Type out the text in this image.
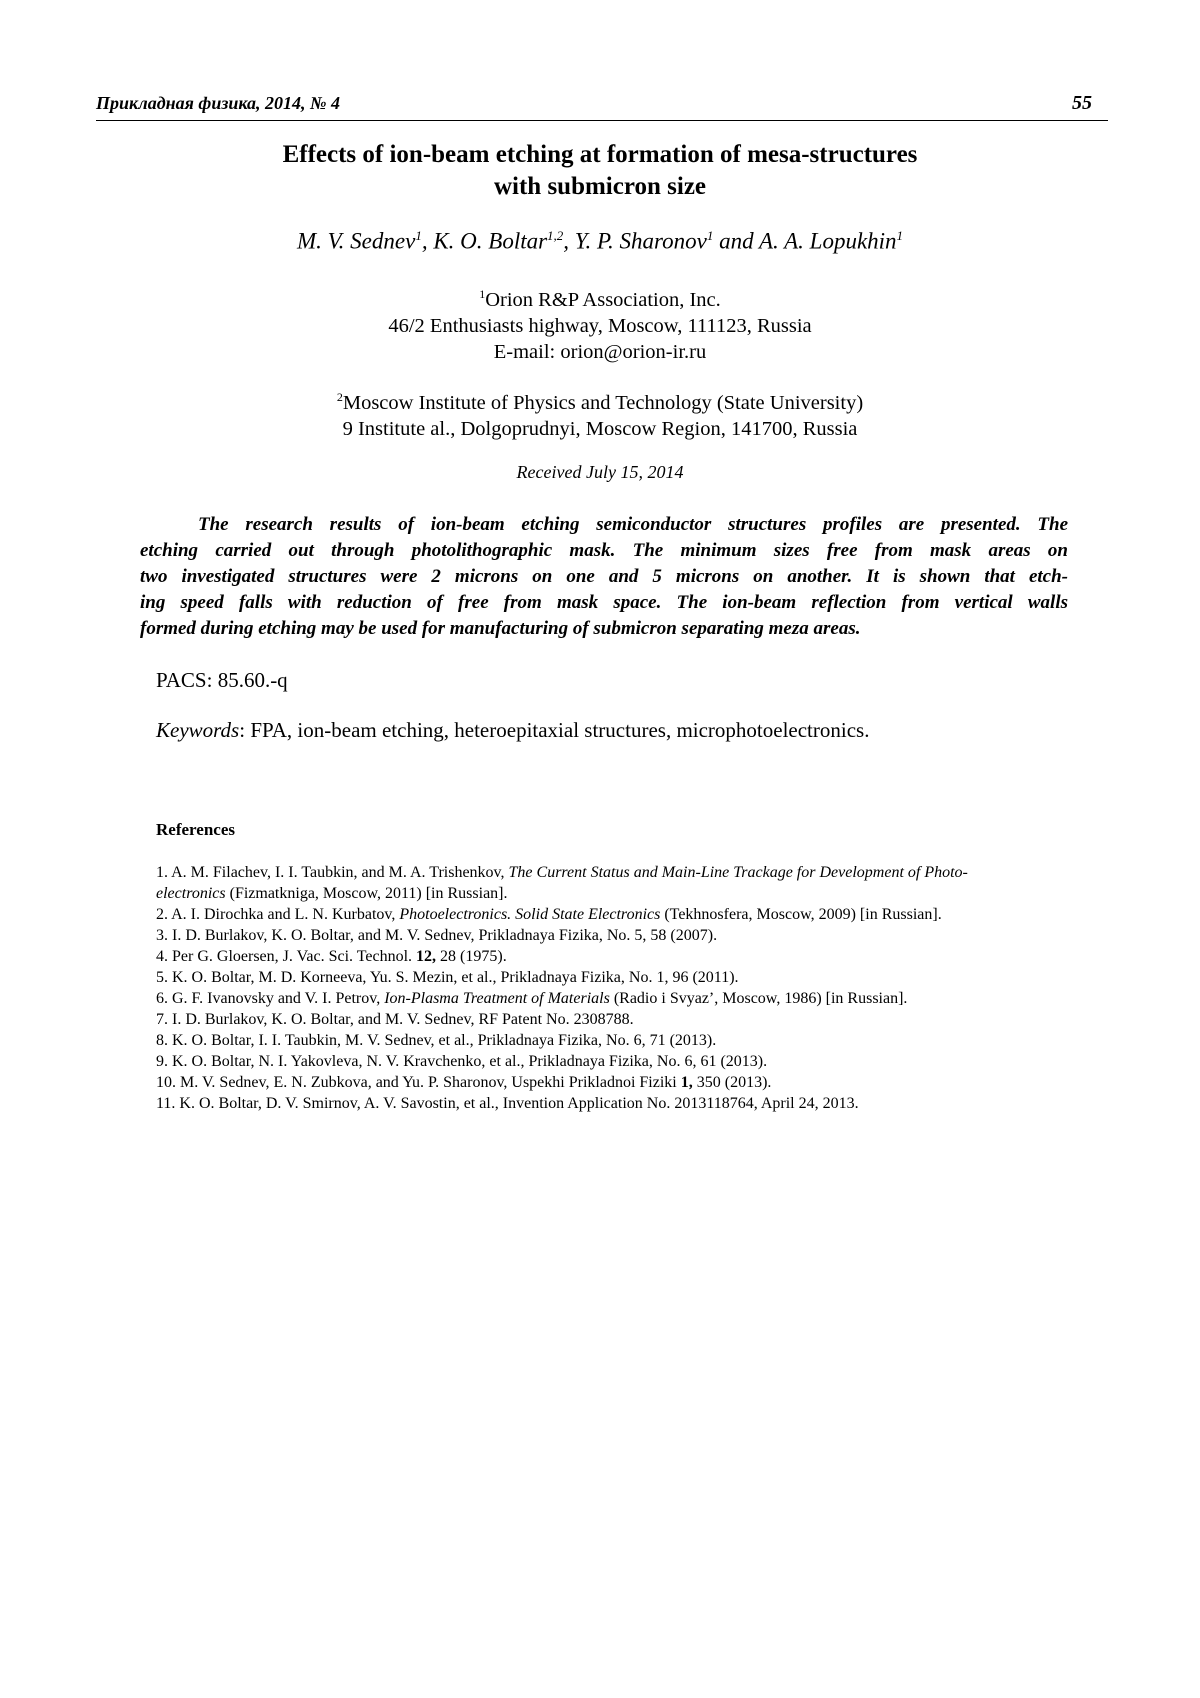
Прикладная физика, 2014, № 4	55
Effects of ion-beam etching at formation of mesa-structures
with submicron size
M. V. Sednev$^1$, K. O. Boltar$^{1,2}$, Y. P. Sharonov$^1$ and A. A. Lopukhin$^1$
$^1$Orion R&P Association, Inc.
46/2 Enthusiasts highway, Moscow, 111123, Russia
E-mail: orion@orion-ir.ru
$^2$Moscow Institute of Physics and Technology (State University)
9 Institute al., Dolgoprudnyi, Moscow Region, 141700, Russia
Received July 15, 2014
The research results of ion-beam etching semiconductor structures profiles are presented. The
etching carried out through photolithographic mask. The minimum sizes free from mask areas on
two investigated structures were 2 microns on one and 5 microns on another. It is shown that etch-
ing speed falls with reduction of free from mask space. The ion-beam reflection from vertical walls
formed during etching may be used for manufacturing of submicron separating meza areas.
PACS: 85.60.-q
Keywords: FPA, ion-beam etching, heteroepitaxial structures, microphotoelectronics.
References
1. A. M. Filachev, I. I. Taubkin, and M. A. Trishenkov, The Current Status and Main-Line Trackage for Development of Photo-
electronics (Fizmatkniga, Moscow, 2011) [in Russian].
2. A. I. Dirochka and L. N. Kurbatov, Photoelectronics. Solid State Electronics (Tekhnosfera, Moscow, 2009) [in Russian].
3. I. D. Burlakov, K. O. Boltar, and M. V. Sednev, Prikladnaya Fizika, No. 5, 58 (2007).
4. Per G. Gloersen, J. Vac. Sci. Technol. 12, 28 (1975).
5. K. O. Boltar, M. D. Korneeva, Yu. S. Mezin, et al., Prikladnaya Fizika, No. 1, 96 (2011).
6. G. F. Ivanovsky and V. I. Petrov, Ion-Plasma Treatment of Materials (Radio i Svyaz’, Moscow, 1986) [in Russian].
7. I. D. Burlakov, K. O. Boltar, and M. V. Sednev, RF Patent No. 2308788.
8. K. O. Boltar, I. I. Taubkin, M. V. Sednev, et al., Prikladnaya Fizika, No. 6, 71 (2013).
9. K. O. Boltar, N. I. Yakovleva, N. V. Kravchenko, et al., Prikladnaya Fizika, No. 6, 61 (2013).
10. M. V. Sednev, E. N. Zubkova, and Yu. P. Sharonov, Uspekhi Prikladnoi Fiziki 1, 350 (2013).
11. K. O. Boltar, D. V. Smirnov, A. V. Savostin, et al., Invention Application No. 2013118764, April 24, 2013.
